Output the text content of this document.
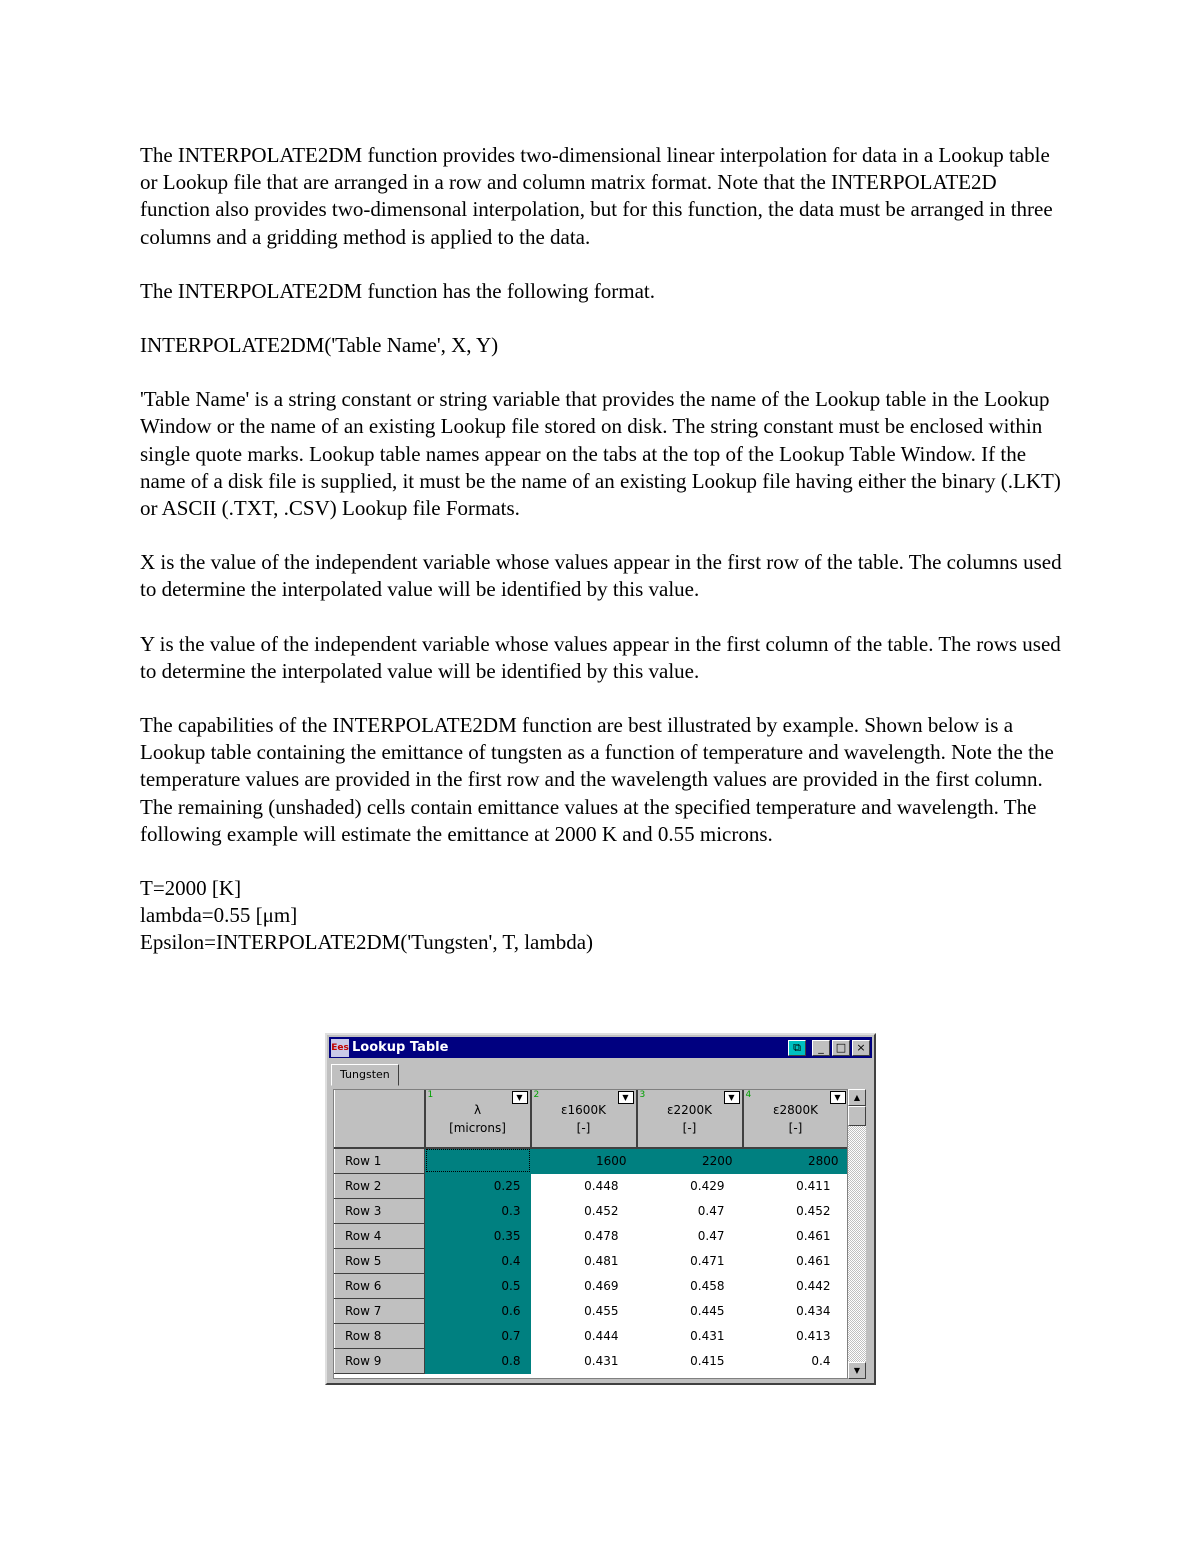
The INTERPOLATE2DM function provides two-dimensional linear interpolation for data in a Lookup table or Lookup file that are arranged in a row and column matrix format. Note that the INTERPOLATE2D function also provides two-dimensonal interpolation, but for this function, the data must be arranged in three columns and a gridding method is applied to the data.

The INTERPOLATE2DM function has the following format.

INTERPOLATE2DM('Table Name', X, Y)

'Table Name' is a string constant or string variable that provides the name of the Lookup table in the Lookup Window or the name of an existing Lookup file stored on disk. The string constant must be enclosed within single quote marks. Lookup table names appear on the tabs at the top of the Lookup Table Window. If the name of a disk file is supplied, it must be the name of an existing Lookup file having either the binary (.LKT) or ASCII (.TXT, .CSV) Lookup file Formats.

X is the value of the independent variable whose values appear in the first row of the table. The columns used to determine the interpolated value will be identified by this value.

Y is the value of the independent variable whose values appear in the first column of the table. The rows used to determine the interpolated value will be identified by this value.

The capabilities of the INTERPOLATE2DM function are best illustrated by example. Shown below is a Lookup table containing the emittance of tungsten as a function of temperature and wavelength. Note the the temperature values are provided in the first row and the wavelength values are provided in the first column. The remaining (unshaded) cells contain emittance values at the specified temperature and wavelength. The following example will estimate the emittance at 2000 K and 0.55 microns.

T=2000 [K]

lambda=0.55 [μm]

Epsilon=INTERPOLATE2DM('Tungsten', T, lambda)

Ees Lookup Table	⧉	_	□ ×
Tungsten

	1 ▼
λ
[microns]	2 ▼
ε1600K
[-]	3 ▼
ε2200K
[-]	4 ▼
ε2800K
[-]

Row 1		1600	2200	2800
Row 2	0.25	0.448	0.429	0.411
Row 3	0.3	0.452	0.47	0.452
Row 4	0.35	0.478	0.47	0.461
Row 5	0.4	0.481	0.471	0.461
Row 6	0.5	0.469	0.458	0.442
Row 7	0.6	0.455	0.445	0.434
Row 8	0.7	0.444	0.431	0.413
Row 9	0.8	0.431	0.415	0.4
▲
▼
